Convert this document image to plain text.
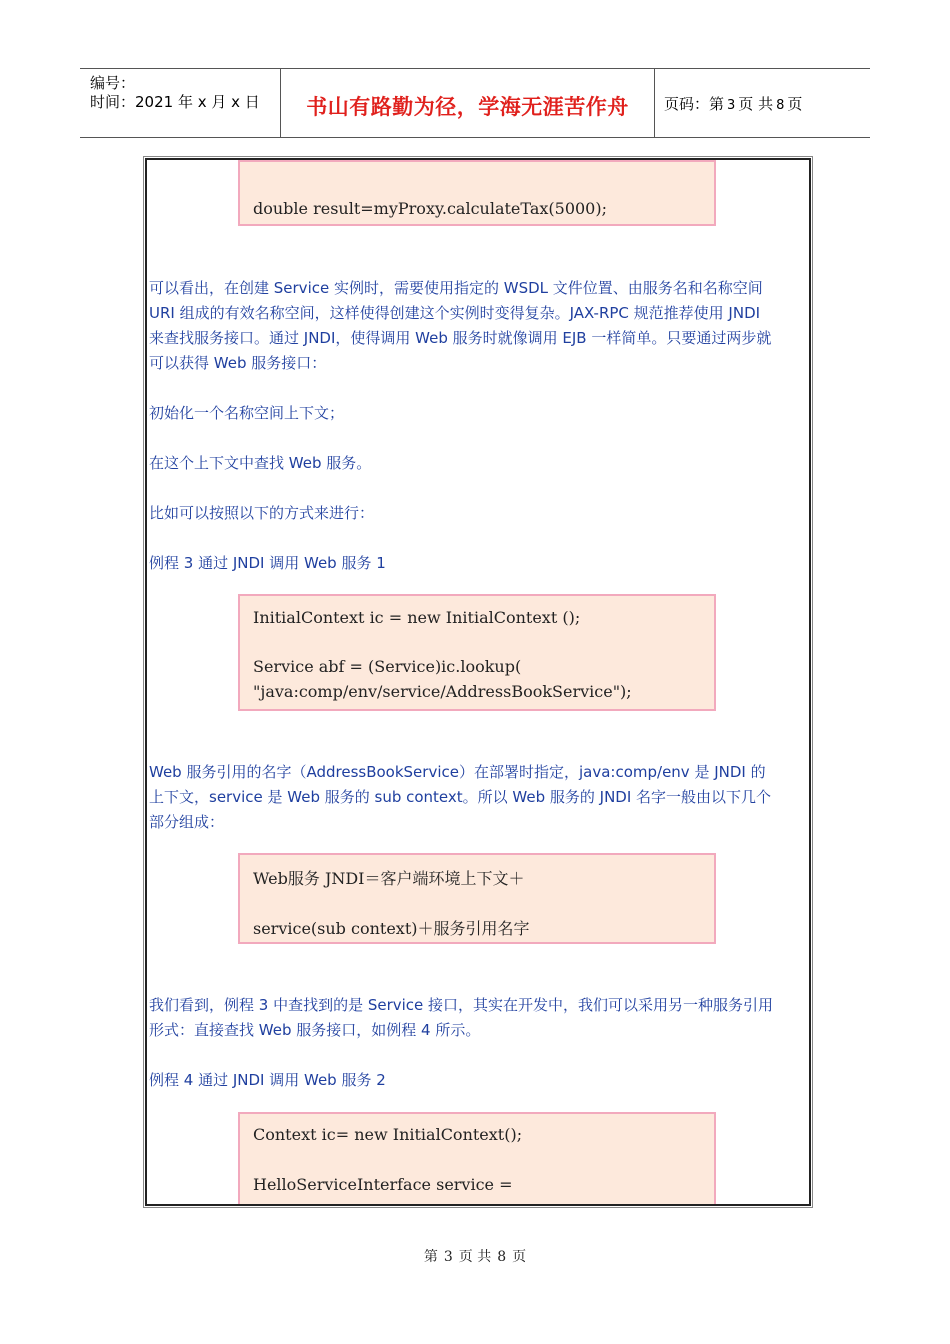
编号：
时间：2021 年 x 月 x 日	书山有路勤为径，学海无涯苦作舟	页码：第 3 页 共 8 页
double result=myProxy.calculateTax(5000);
可以看出，在创建 Service 实例时，需要使用指定的 WSDL 文件位置、由服务名和名称空间
URI 组成的有效名称空间，这样使得创建这个实例时变得复杂。JAX-RPC 规范推荐使用 JNDI
来查找服务接口。通过 JNDI，使得调用 Web 服务时就像调用 EJB 一样简单。只要通过两步就
可以获得 Web 服务接口：
初始化一个名称空间上下文；
在这个上下文中查找 Web 服务。
比如可以按照以下的方式来进行：
例程 3 通过 JNDI 调用 Web 服务 1
InitialContext ic = new InitialContext ();
Service abf = (Service)ic.lookup(
"java:comp/env/service/AddressBookService");
Web 服务引用的名字（AddressBookService）在部署时指定，java:comp/env 是 JNDI 的
上下文，service 是 Web 服务的 sub context。所以 Web 服务的 JNDI 名字一般由以下几个
部分组成：
Web服务 JNDI＝客户端环境上下文＋
service(sub context)＋服务引用名字
我们看到，例程 3 中查找到的是 Service 接口，其实在开发中，我们可以采用另一种服务引用
形式：直接查找 Web 服务接口，如例程 4 所示。
例程 4 通过 JNDI 调用 Web 服务 2
Context ic= new InitialContext();
HelloServiceInterface service =
第 3 页 共 8 页
